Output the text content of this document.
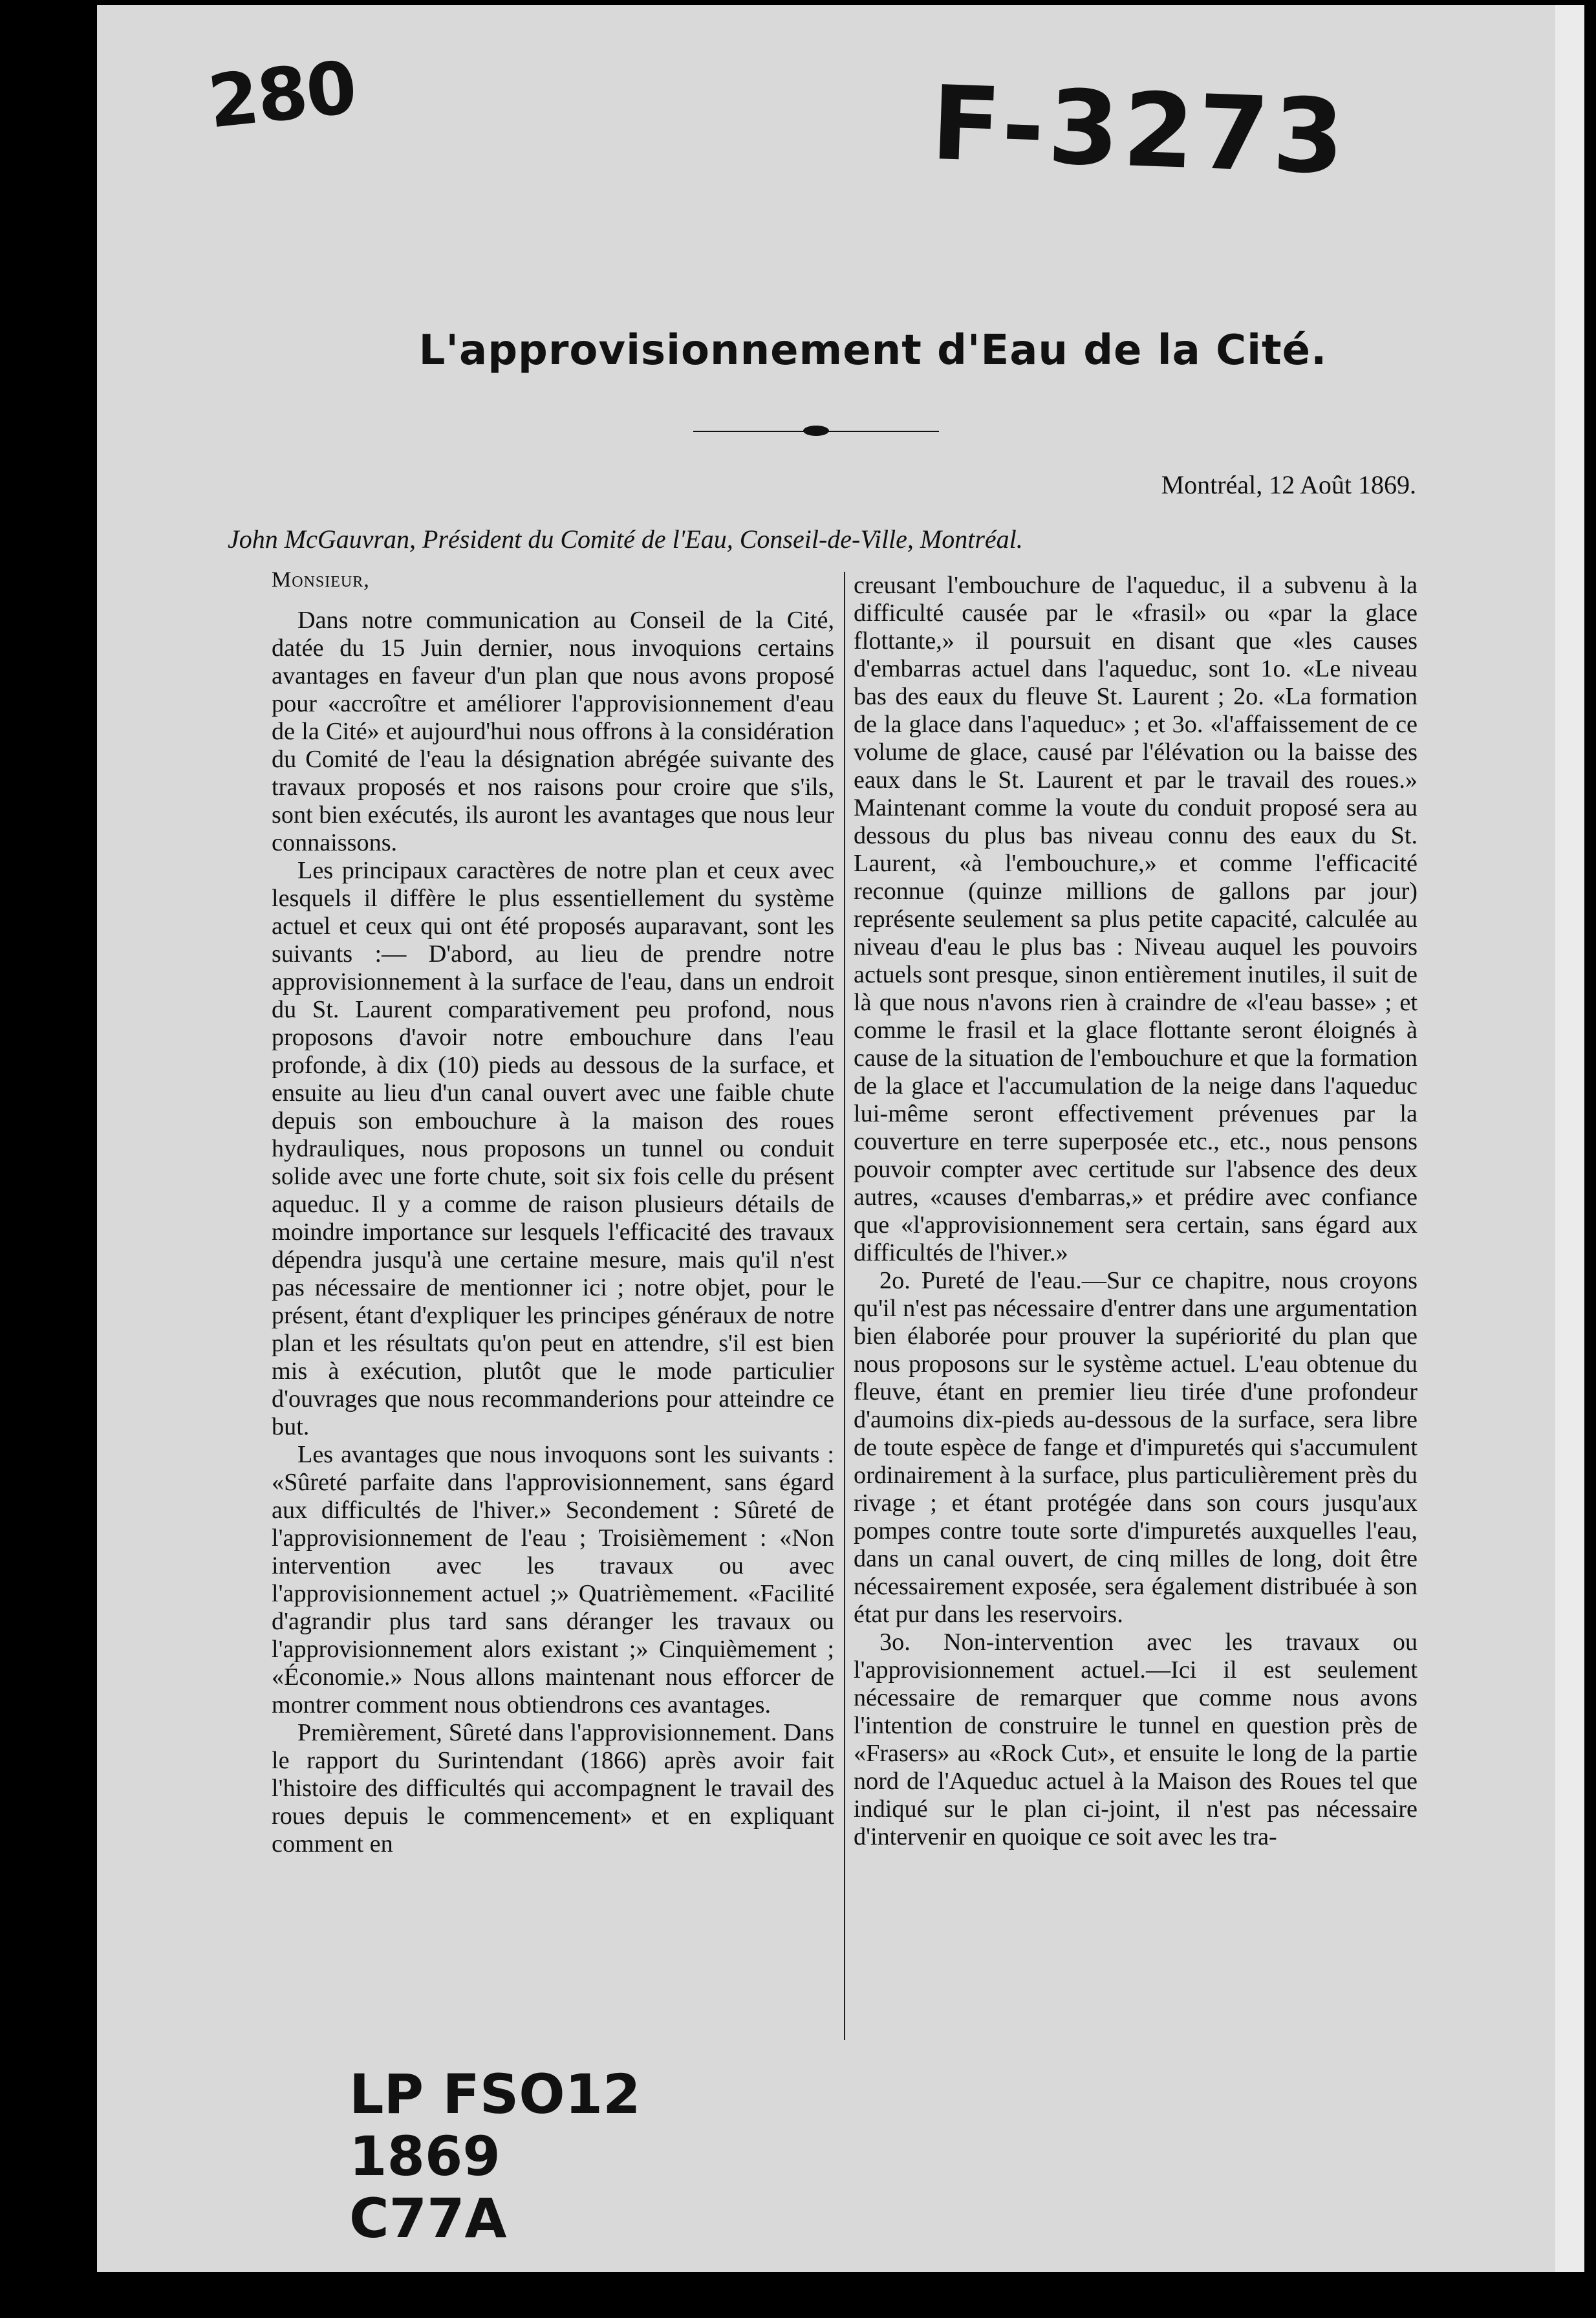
280	F-3273
LP FSO12
1869
C77A
L'approvisionnement d'Eau de la Cité.
Montréal, 12 Août 1869.
John McGauvran, Président du Comité de l'Eau, Conseil-de-Ville, Montréal.
Monsieur,

Dans notre communication au Conseil de la Cité, datée du 15 Juin dernier, nous invoquions certains avantages en faveur d'un plan que nous avons proposé pour «accroître et améliorer l'approvisionnement d'eau de la Cité» et aujourd'hui nous offrons à la considération du Comité de l'eau la désignation abrégée suivante des travaux proposés et nos raisons pour croire que s'ils, sont bien exécutés, ils auront les avantages que nous leur connaissons.

Les principaux caractères de notre plan et ceux avec lesquels il diffère le plus essentiellement du système actuel et ceux qui ont été proposés auparavant, sont les suivants :— D'abord, au lieu de prendre notre approvisionnement à la surface de l'eau, dans un endroit du St. Laurent comparativement peu profond, nous proposons d'avoir notre embouchure dans l'eau profonde, à dix (10) pieds au dessous de la surface, et ensuite au lieu d'un canal ouvert avec une faible chute depuis son embouchure à la maison des roues hydrauliques, nous proposons un tunnel ou conduit solide avec une forte chute, soit six fois celle du présent aqueduc. Il y a comme de raison plusieurs détails de moindre importance sur lesquels l'efficacité des travaux dépendra jusqu'à une certaine mesure, mais qu'il n'est pas nécessaire de mentionner ici ; notre objet, pour le présent, étant d'expliquer les principes généraux de notre plan et les résultats qu'on peut en attendre, s'il est bien mis à exécution, plutôt que le mode particulier d'ouvrages que nous recommanderions pour atteindre ce but.

Les avantages que nous invoquons sont les suivants : «Sûreté parfaite dans l'approvisionnement, sans égard aux difficultés de l'hiver.» Secondement : Sûreté de l'approvisionnement de l'eau ; Troisièmement : «Non intervention avec les travaux ou avec l'approvisionnement actuel ;» Quatrièmement. «Facilité d'agrandir plus tard sans déranger les travaux ou l'approvisionnement alors existant ;» Cinquièmement ; «Économie.» Nous allons maintenant nous efforcer de montrer comment nous obtiendrons ces avantages.

Premièrement, Sûreté dans l'approvisionnement. Dans le rapport du Surintendant (1866) après avoir fait l'histoire des difficultés qui accompagnent le travail des roues depuis le commencement» et en expliquant comment en

creusant l'embouchure de l'aqueduc, il a subvenu à la difficulté causée par le «frasil» ou «par la glace flottante,» il poursuit en disant que «les causes d'embarras actuel dans l'aqueduc, sont 1o. «Le niveau bas des eaux du fleuve St. Laurent ; 2o. «La formation de la glace dans l'aqueduc» ; et 3o. «l'affaissement de ce volume de glace, causé par l'élévation ou la baisse des eaux dans le St. Laurent et par le travail des roues.» Maintenant comme la voute du conduit proposé sera au dessous du plus bas niveau connu des eaux du St. Laurent, «à l'embouchure,» et comme l'efficacité reconnue (quinze millions de gallons par jour) représente seulement sa plus petite capacité, calculée au niveau d'eau le plus bas : Niveau auquel les pouvoirs actuels sont presque, sinon entièrement inutiles, il suit de là que nous n'avons rien à craindre de «l'eau basse» ; et comme le frasil et la glace flottante seront éloignés à cause de la situation de l'embouchure et que la formation de la glace et l'accumulation de la neige dans l'aqueduc lui-même seront effectivement prévenues par la couverture en terre superposée etc., etc., nous pensons pouvoir compter avec certitude sur l'absence des deux autres, «causes d'embarras,» et prédire avec confiance que «l'approvisionnement sera certain, sans égard aux difficultés de l'hiver.»

2o. Pureté de l'eau.—Sur ce chapitre, nous croyons qu'il n'est pas nécessaire d'entrer dans une argumentation bien élaborée pour prouver la supériorité du plan que nous proposons sur le système actuel. L'eau obtenue du fleuve, étant en premier lieu tirée d'une profondeur d'aumoins dix-pieds au-dessous de la surface, sera libre de toute espèce de fange et d'impuretés qui s'accumulent ordinairement à la surface, plus particulièrement près du rivage ; et étant protégée dans son cours jusqu'aux pompes contre toute sorte d'impuretés auxquelles l'eau, dans un canal ouvert, de cinq milles de long, doit être nécessairement exposée, sera également distribuée à son état pur dans les reservoirs.

3o. Non-intervention avec les travaux ou l'approvisionnement actuel.—Ici il est seulement nécessaire de remarquer que comme nous avons l'intention de construire le tunnel en question près de «Frasers» au «Rock Cut», et ensuite le long de la partie nord de l'Aqueduc actuel à la Maison des Roues tel que indiqué sur le plan ci-joint, il n'est pas nécessaire d'intervenir en quoique ce soit avec les tra-
